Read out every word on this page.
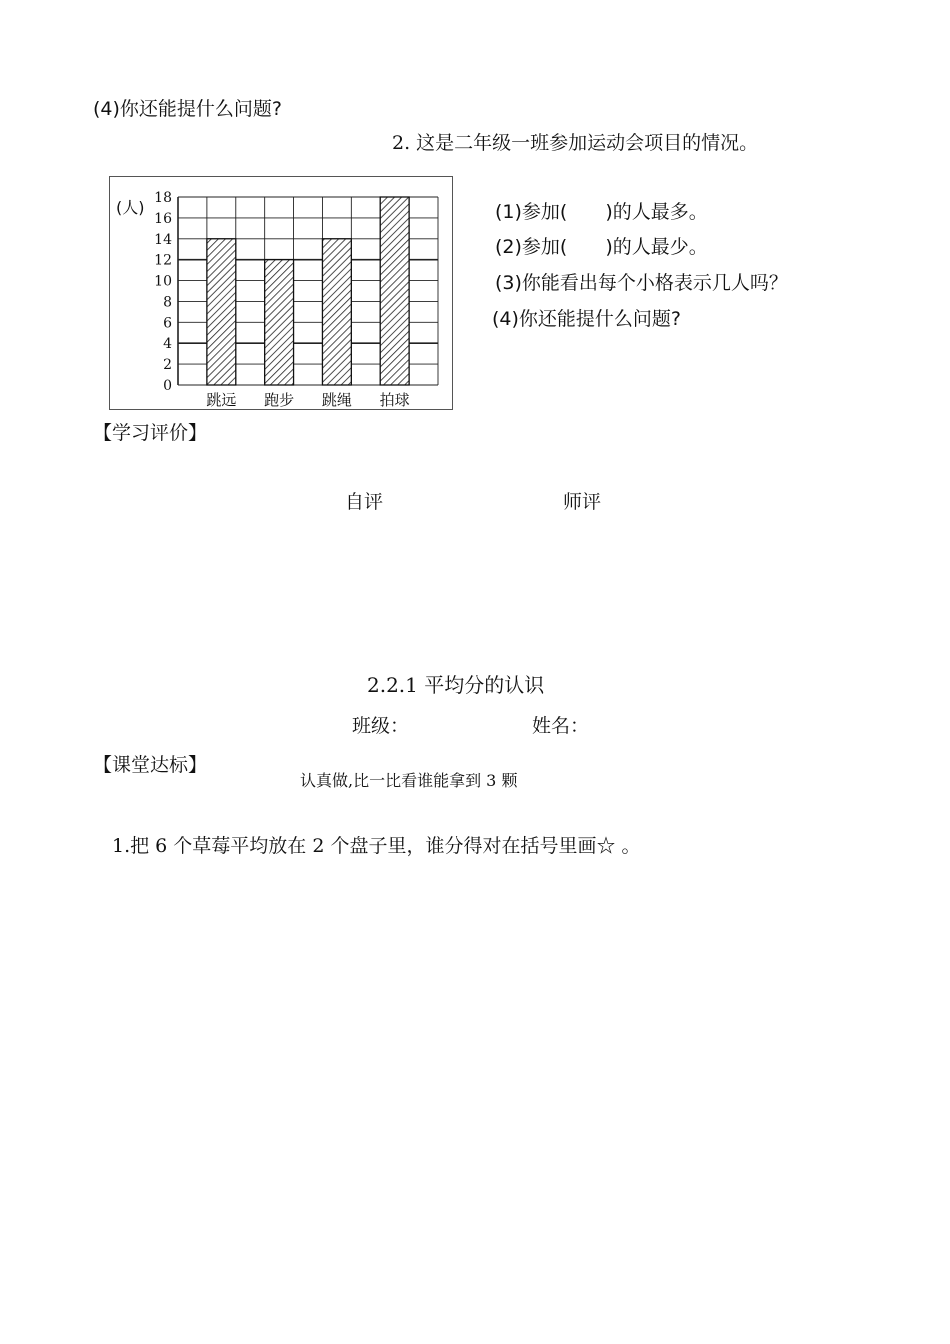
(4)你还能提什么问题?
2. 这是二年级一班参加运动会项目的情况。
跳远 跑步 跳绳 拍球
0
2
4
6
8
10
12
14
16
18
(人)	(1)参加(　　)的人最多。
(2)参加(　　)的人最少。
(3)你能看出每个小格表示几人吗？
(4)你还能提什么问题?
【学习评价】
自评	师评
2.2.1 平均分的认识
班级：	姓名：
【课堂达标】
认真做,比一比看谁能拿到 3 颗
1.把 6 个草莓平均放在 2 个盘子里，谁分得对在括号里画☆ 。
